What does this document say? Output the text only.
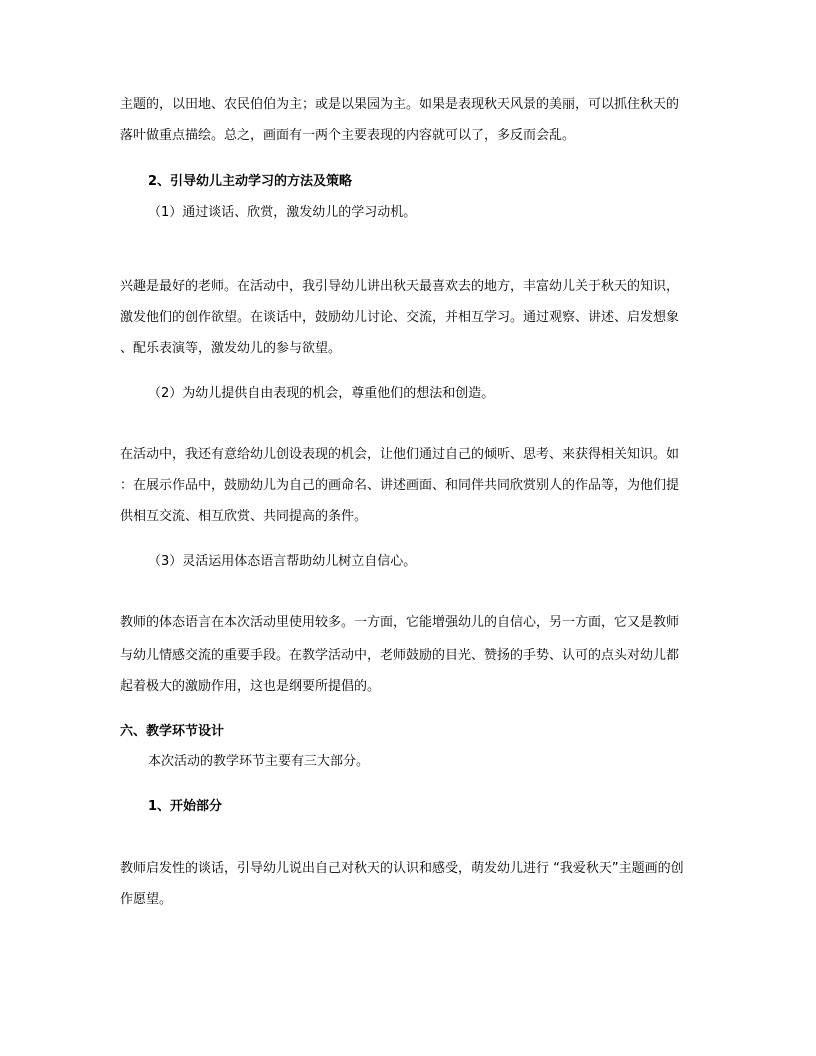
主题的，以田地、农民伯伯为主；或是以果园为主。如果是表现秋天风景的美丽，可以抓住秋天的
落叶做重点描绘。总之，画面有一两个主要表现的内容就可以了，多反而会乱。
2、引导幼儿主动学习的方法及策略
（1）通过谈话、欣赏，激发幼儿的学习动机。
兴趣是最好的老师。在活动中，我引导幼儿讲出秋天最喜欢去的地方，丰富幼儿关于秋天的知识，
激发他们的创作欲望。在谈话中，鼓励幼儿讨论、交流，并相互学习。通过观察、讲述、启发想象
、配乐表演等，激发幼儿的参与欲望。
（2）为幼儿提供自由表现的机会，尊重他们的想法和创造。
在活动中，我还有意给幼儿创设表现的机会，让他们通过自己的倾听、思考、来获得相关知识。如
：在展示作品中，鼓励幼儿为自己的画命名、讲述画面、和同伴共同欣赏别人的作品等，为他们提
供相互交流、相互欣赏、共同提高的条件。
（3）灵活运用体态语言帮助幼儿树立自信心。
教师的体态语言在本次活动里使用较多。一方面，它能增强幼儿的自信心，另一方面，它又是教师
与幼儿情感交流的重要手段。在教学活动中，老师鼓励的目光、赞扬的手势、认可的点头对幼儿都
起着极大的激励作用，这也是纲要所提倡的。
六、教学环节设计
本次活动的教学环节主要有三大部分。
1、开始部分
教师启发性的谈话，引导幼儿说出自己对秋天的认识和感受，萌发幼儿进行 “我爱秋天”主题画的创
作愿望。
